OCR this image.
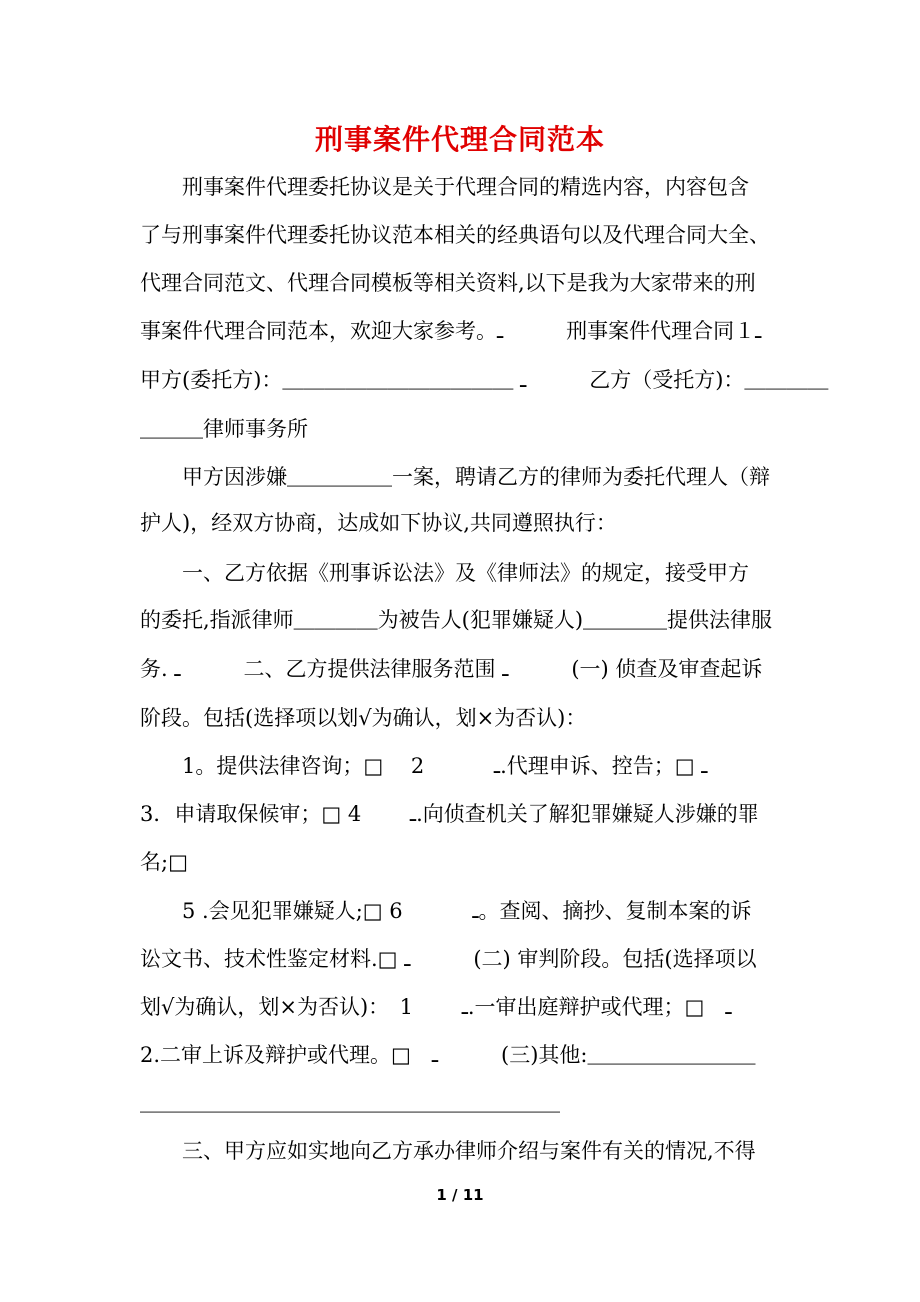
刑事案件代理合同范本
　　刑事案件代理委托协议是关于代理合同的精选内容，内容包含
了与刑事案件代理委托协议范本相关的经典语句以及代理合同大全、
代理合同范文、代理合同模板等相关资料,以下是我为大家带来的刑
事案件代理合同范本，欢迎大家参考。ـ　　　刑事案件代理合同１ـ
甲方(委托方)：＿＿＿＿＿＿＿＿＿＿＿ ـ　　　乙方（受托方)：＿＿＿＿
＿＿＿律师事务所
　　甲方因涉嫌＿＿＿＿＿一案，聘请乙方的律师为委托代理人（辩
护人)，经双方协商，达成如下协议,共同遵照执行：
　　一、乙方依据《刑事诉讼法》及《律师法》的规定，接受甲方
的委托,指派律师＿＿＿＿为被告人(犯罪嫌疑人)＿＿＿＿提供法律服
务. ـ　　　二、乙方提供法律服务范围 ـ　　　(一) 侦查及审查起诉
阶段。包括(选择项以划√为确认，划×为否认)：
　　1。提供法律咨询；□　 2　　　 ـ.代理申诉、控告；□ ـ
3．申请取保候审；□ 4　　 ـ.向侦查机关了解犯罪嫌疑人涉嫌的罪
名;□
　　5 .会见犯罪嫌疑人;□ 6　　　 ـ。查阅、摘抄、复制本案的诉
讼文书、技术性鉴定材料.□ ـ　　　(二) 审判阶段。包括(选择项以
划√为确认，划×为否认)：　1　　 ـ.一审出庭辩护或代理；□　ـ
2.二审上诉及辩护或代理。□　ـ　　　(三)其他:＿＿＿＿＿＿＿＿
＿＿＿＿＿＿＿＿＿＿＿＿＿＿＿＿＿＿＿＿
　　三、甲方应如实地向乙方承办律师介绍与案件有关的情况,不得
1 / 11
